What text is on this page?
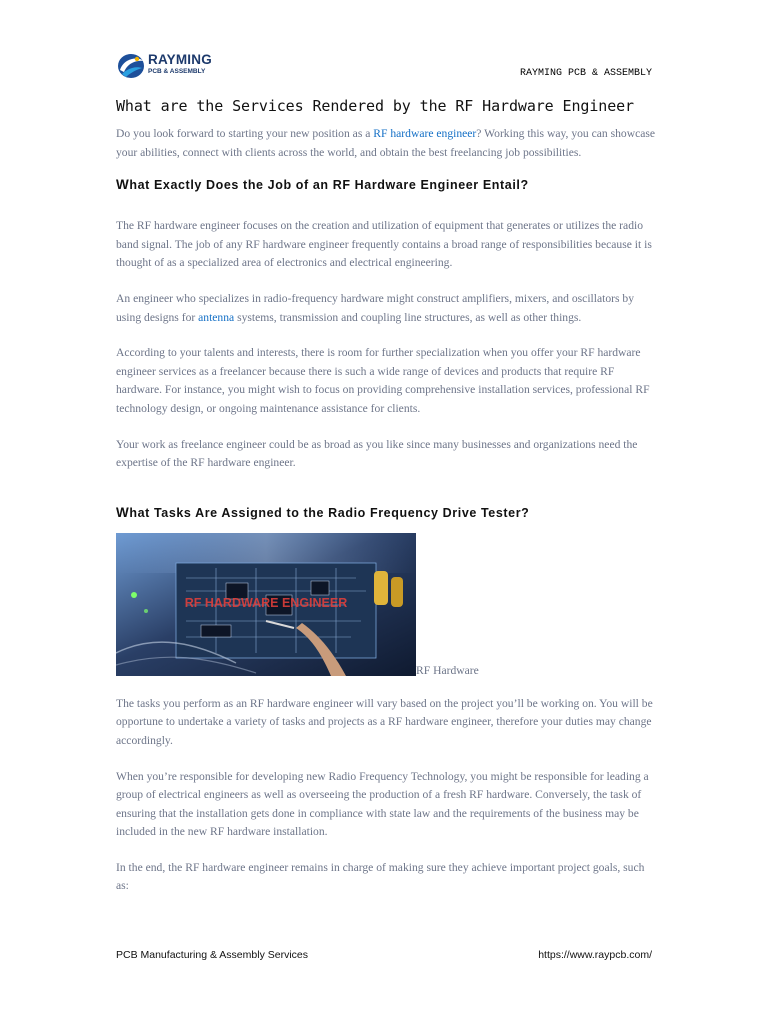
RAYMING
PCB & ASSEMBLY	RAYMING PCB & ASSEMBLY
What are the Services Rendered by the RF Hardware Engineer

Do you look forward to starting your new position as a RF hardware engineer? Working this way, you can showcase your abilities, connect with clients across the world, and obtain the best freelancing job possibilities.

What Exactly Does the Job of an RF Hardware Engineer Entail?

The RF hardware engineer focuses on the creation and utilization of equipment that generates or utilizes the radio band signal. The job of any RF hardware engineer frequently contains a broad range of responsibilities because it is thought of as a specialized area of electronics and electrical engineering.

An engineer who specializes in radio-frequency hardware might construct amplifiers, mixers, and oscillators by using designs for antenna systems, transmission and coupling line structures, as well as other things.

According to your talents and interests, there is room for further specialization when you offer your RF hardware engineer services as a freelancer because there is such a wide range of devices and products that require RF hardware. For instance, you might wish to focus on providing comprehensive installation services, professional RF technology design, or ongoing maintenance assistance for clients.

Your work as freelance engineer could be as broad as you like since many businesses and organizations need the expertise of the RF hardware engineer.

What Tasks Are Assigned to the Radio Frequency Drive Tester?
RF HARDWARE ENGINEER
RF Hardware

The tasks you perform as an RF hardware engineer will vary based on the project you’ll be working on. You will be opportune to undertake a variety of tasks and projects as a RF hardware engineer, therefore your duties may change accordingly.

When you’re responsible for developing new Radio Frequency Technology, you might be responsible for leading a group of electrical engineers as well as overseeing the production of a fresh RF hardware. Conversely, the task of ensuring that the installation gets done in compliance with state law and the requirements of the business may be included in the new RF hardware installation.

In the end, the RF hardware engineer remains in charge of making sure they achieve important project goals, such as:

PCB Manufacturing & Assembly Services	https://www.raypcb.com/
